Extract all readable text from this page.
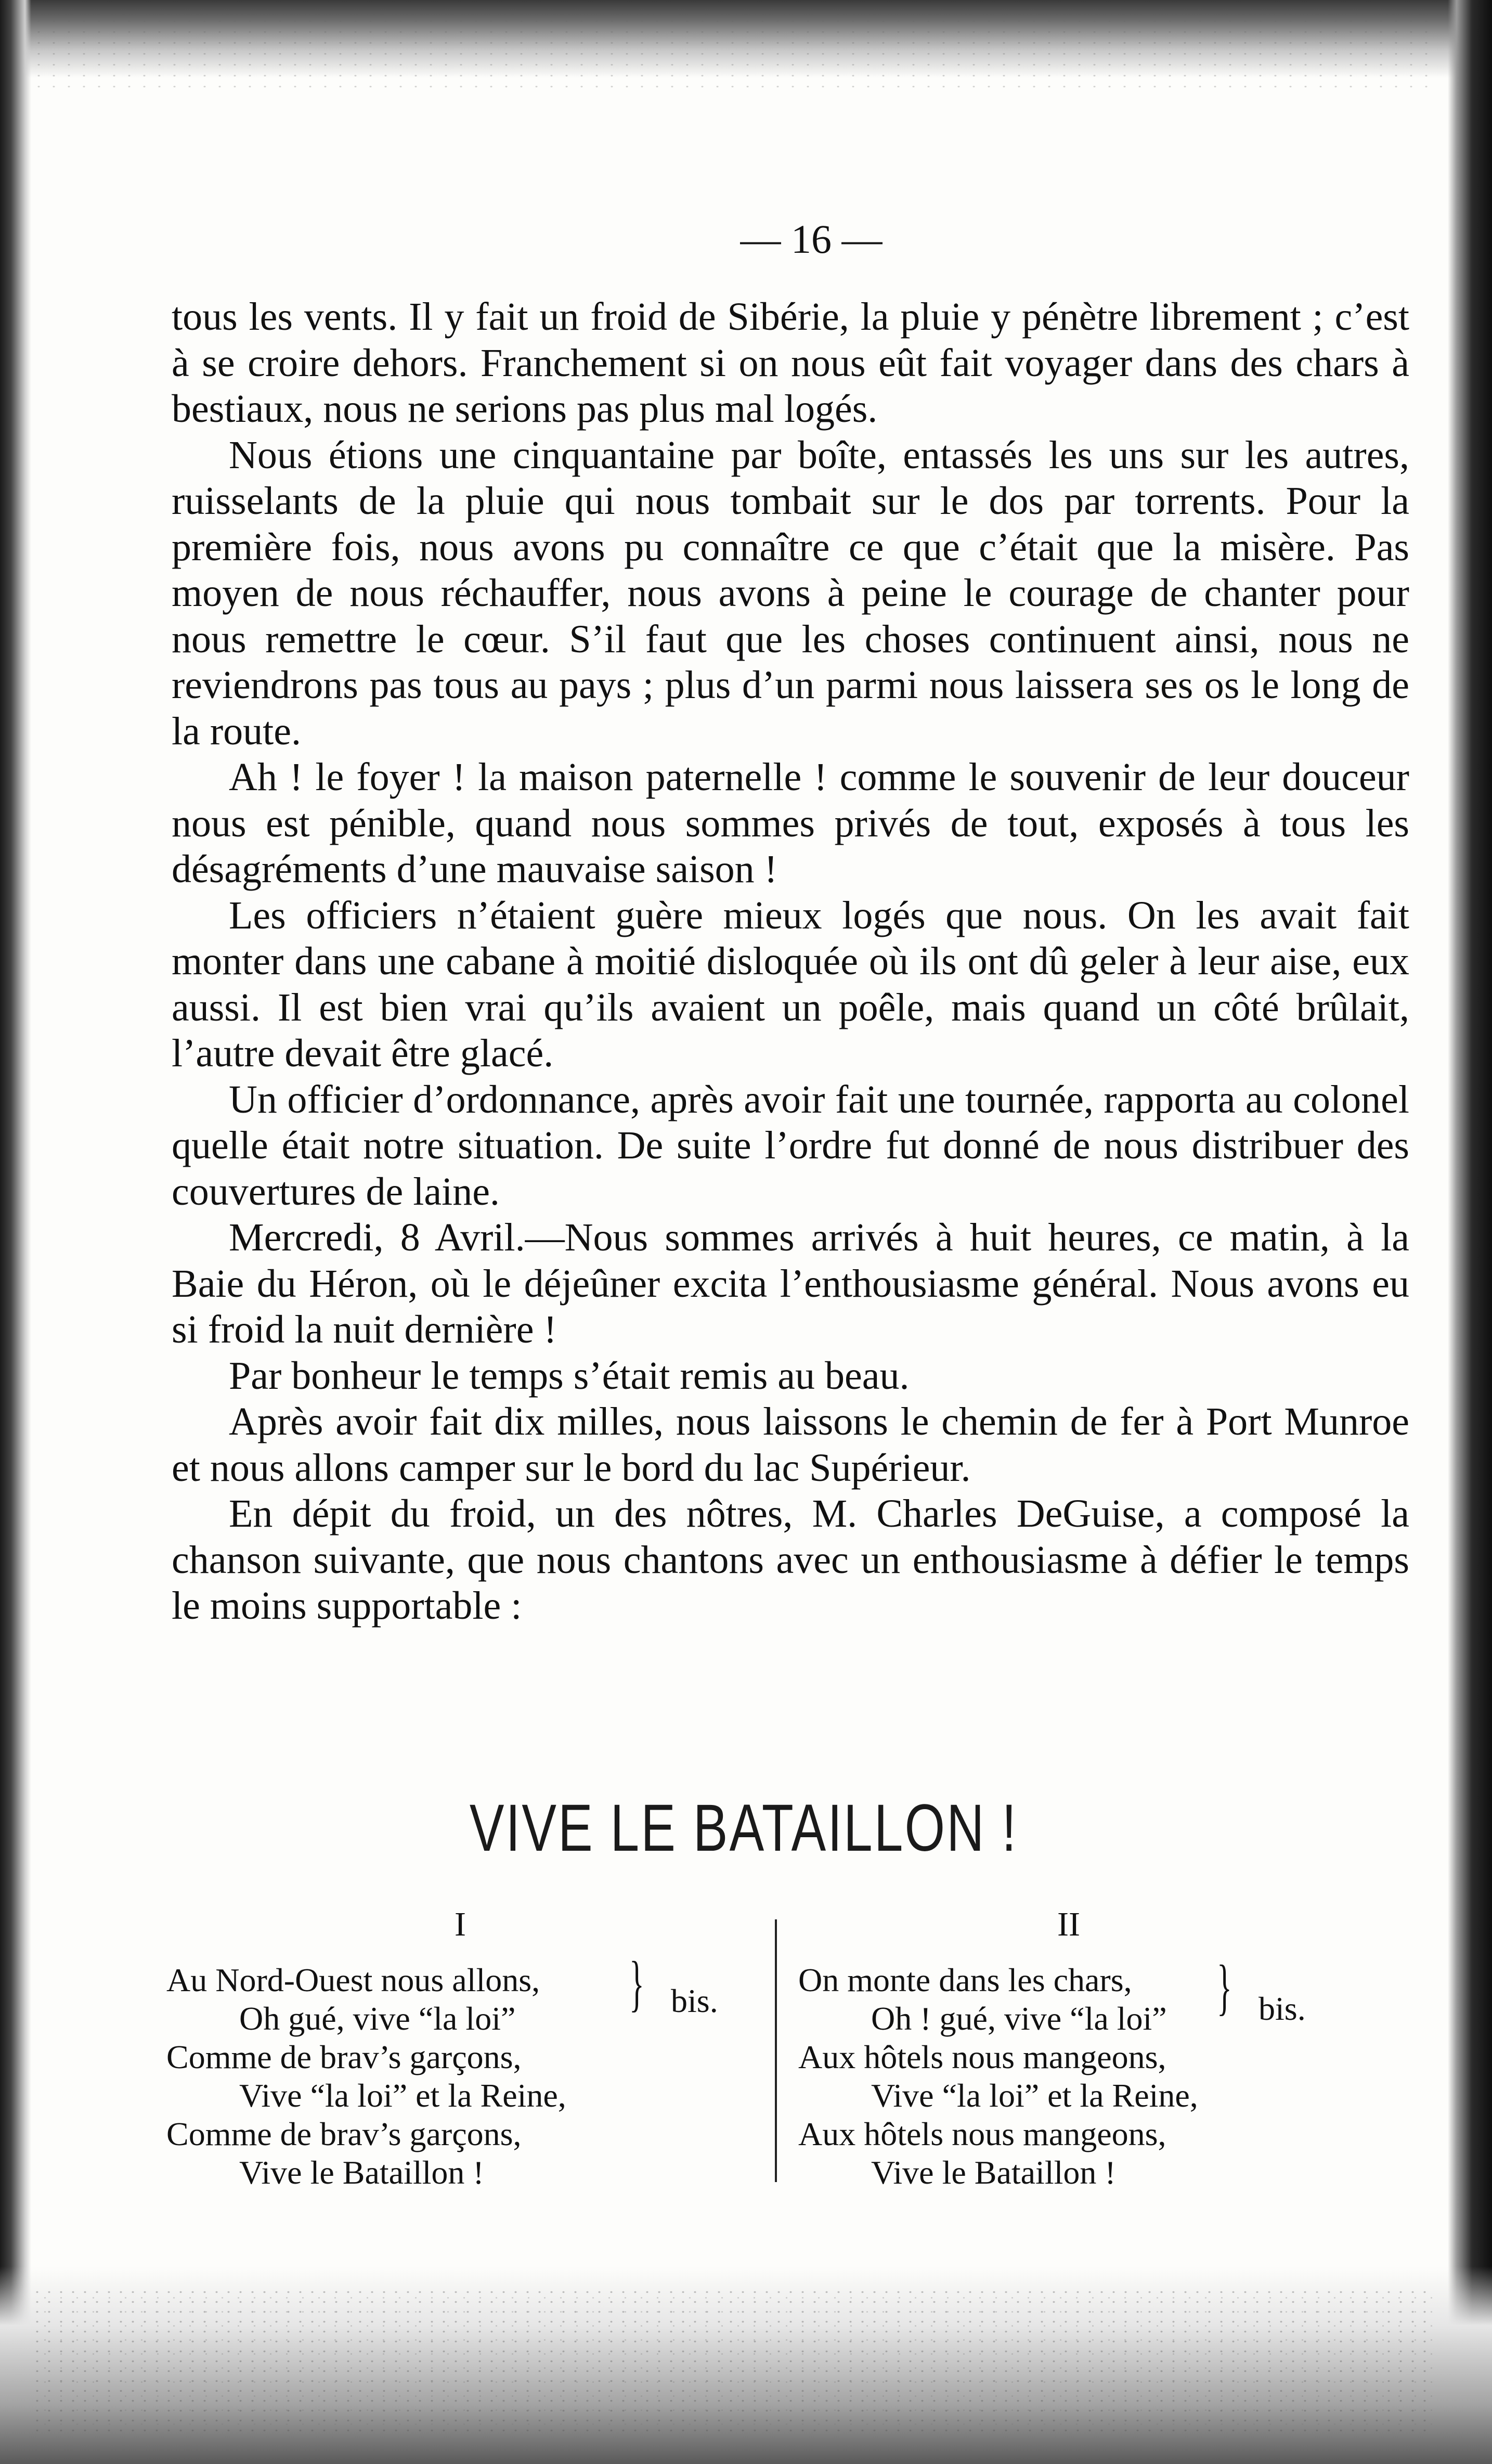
— 16 —

tous les vents. Il y fait un froid de Sibérie, la pluie y pénètre librement ; c’est à se croire dehors. Franchement si on nous eût fait voyager dans des chars à bestiaux, nous ne serions pas plus mal logés.

Nous étions une cinquantaine par boîte, entassés les uns sur les autres, ruisselants de la pluie qui nous tombait sur le dos par torrents. Pour la première fois, nous avons pu connaître ce que c’était que la misère. Pas moyen de nous réchauffer, nous avons à peine le courage de chanter pour nous remettre le cœur. S’il faut que les choses continuent ainsi, nous ne reviendrons pas tous au pays ; plus d’un parmi nous laissera ses os le long de la route.

Ah ! le foyer ! la maison paternelle ! comme le souvenir de leur douceur nous est pénible, quand nous sommes privés de tout, exposés à tous les désagréments d’une mauvaise saison !

Les officiers n’étaient guère mieux logés que nous. On les avait fait monter dans une cabane à moitié disloquée où ils ont dû geler à leur aise, eux aussi. Il est bien vrai qu’ils avaient un poêle, mais quand un côté brûlait, l’autre devait être glacé.

Un officier d’ordonnance, après avoir fait une tournée, rapporta au colonel quelle était notre situation. De suite l’ordre fut donné de nous distribuer des couvertures de laine.

Mercredi, 8 Avril.—Nous sommes arrivés à huit heures, ce matin, à la Baie du Héron, où le déjeûner excita l’enthousiasme général. Nous avons eu si froid la nuit dernière !

Par bonheur le temps s’était remis au beau.

Après avoir fait dix milles, nous laissons le chemin de fer à Port Munroe et nous allons camper sur le bord du lac Supérieur.

En dépit du froid, un des nôtres, M. Charles DeGuise, a composé la chanson suivante, que nous chantons avec un enthousiasme à défier le temps le moins supportable :

VIVE LE BATAILLON !
I
Au Nord-Ouest nous allons,
Oh gué, vive “la loi”
Comme de brav’s garçons,
Vive “la loi” et la Reine,
Comme de brav’s garçons,
Vive le Bataillon !
} bis.
II
On monte dans les chars,
Oh ! gué, vive “la loi”
Aux hôtels nous mangeons,
Vive “la loi” et la Reine,
Aux hôtels nous mangeons,
Vive le Bataillon !
} bis.
